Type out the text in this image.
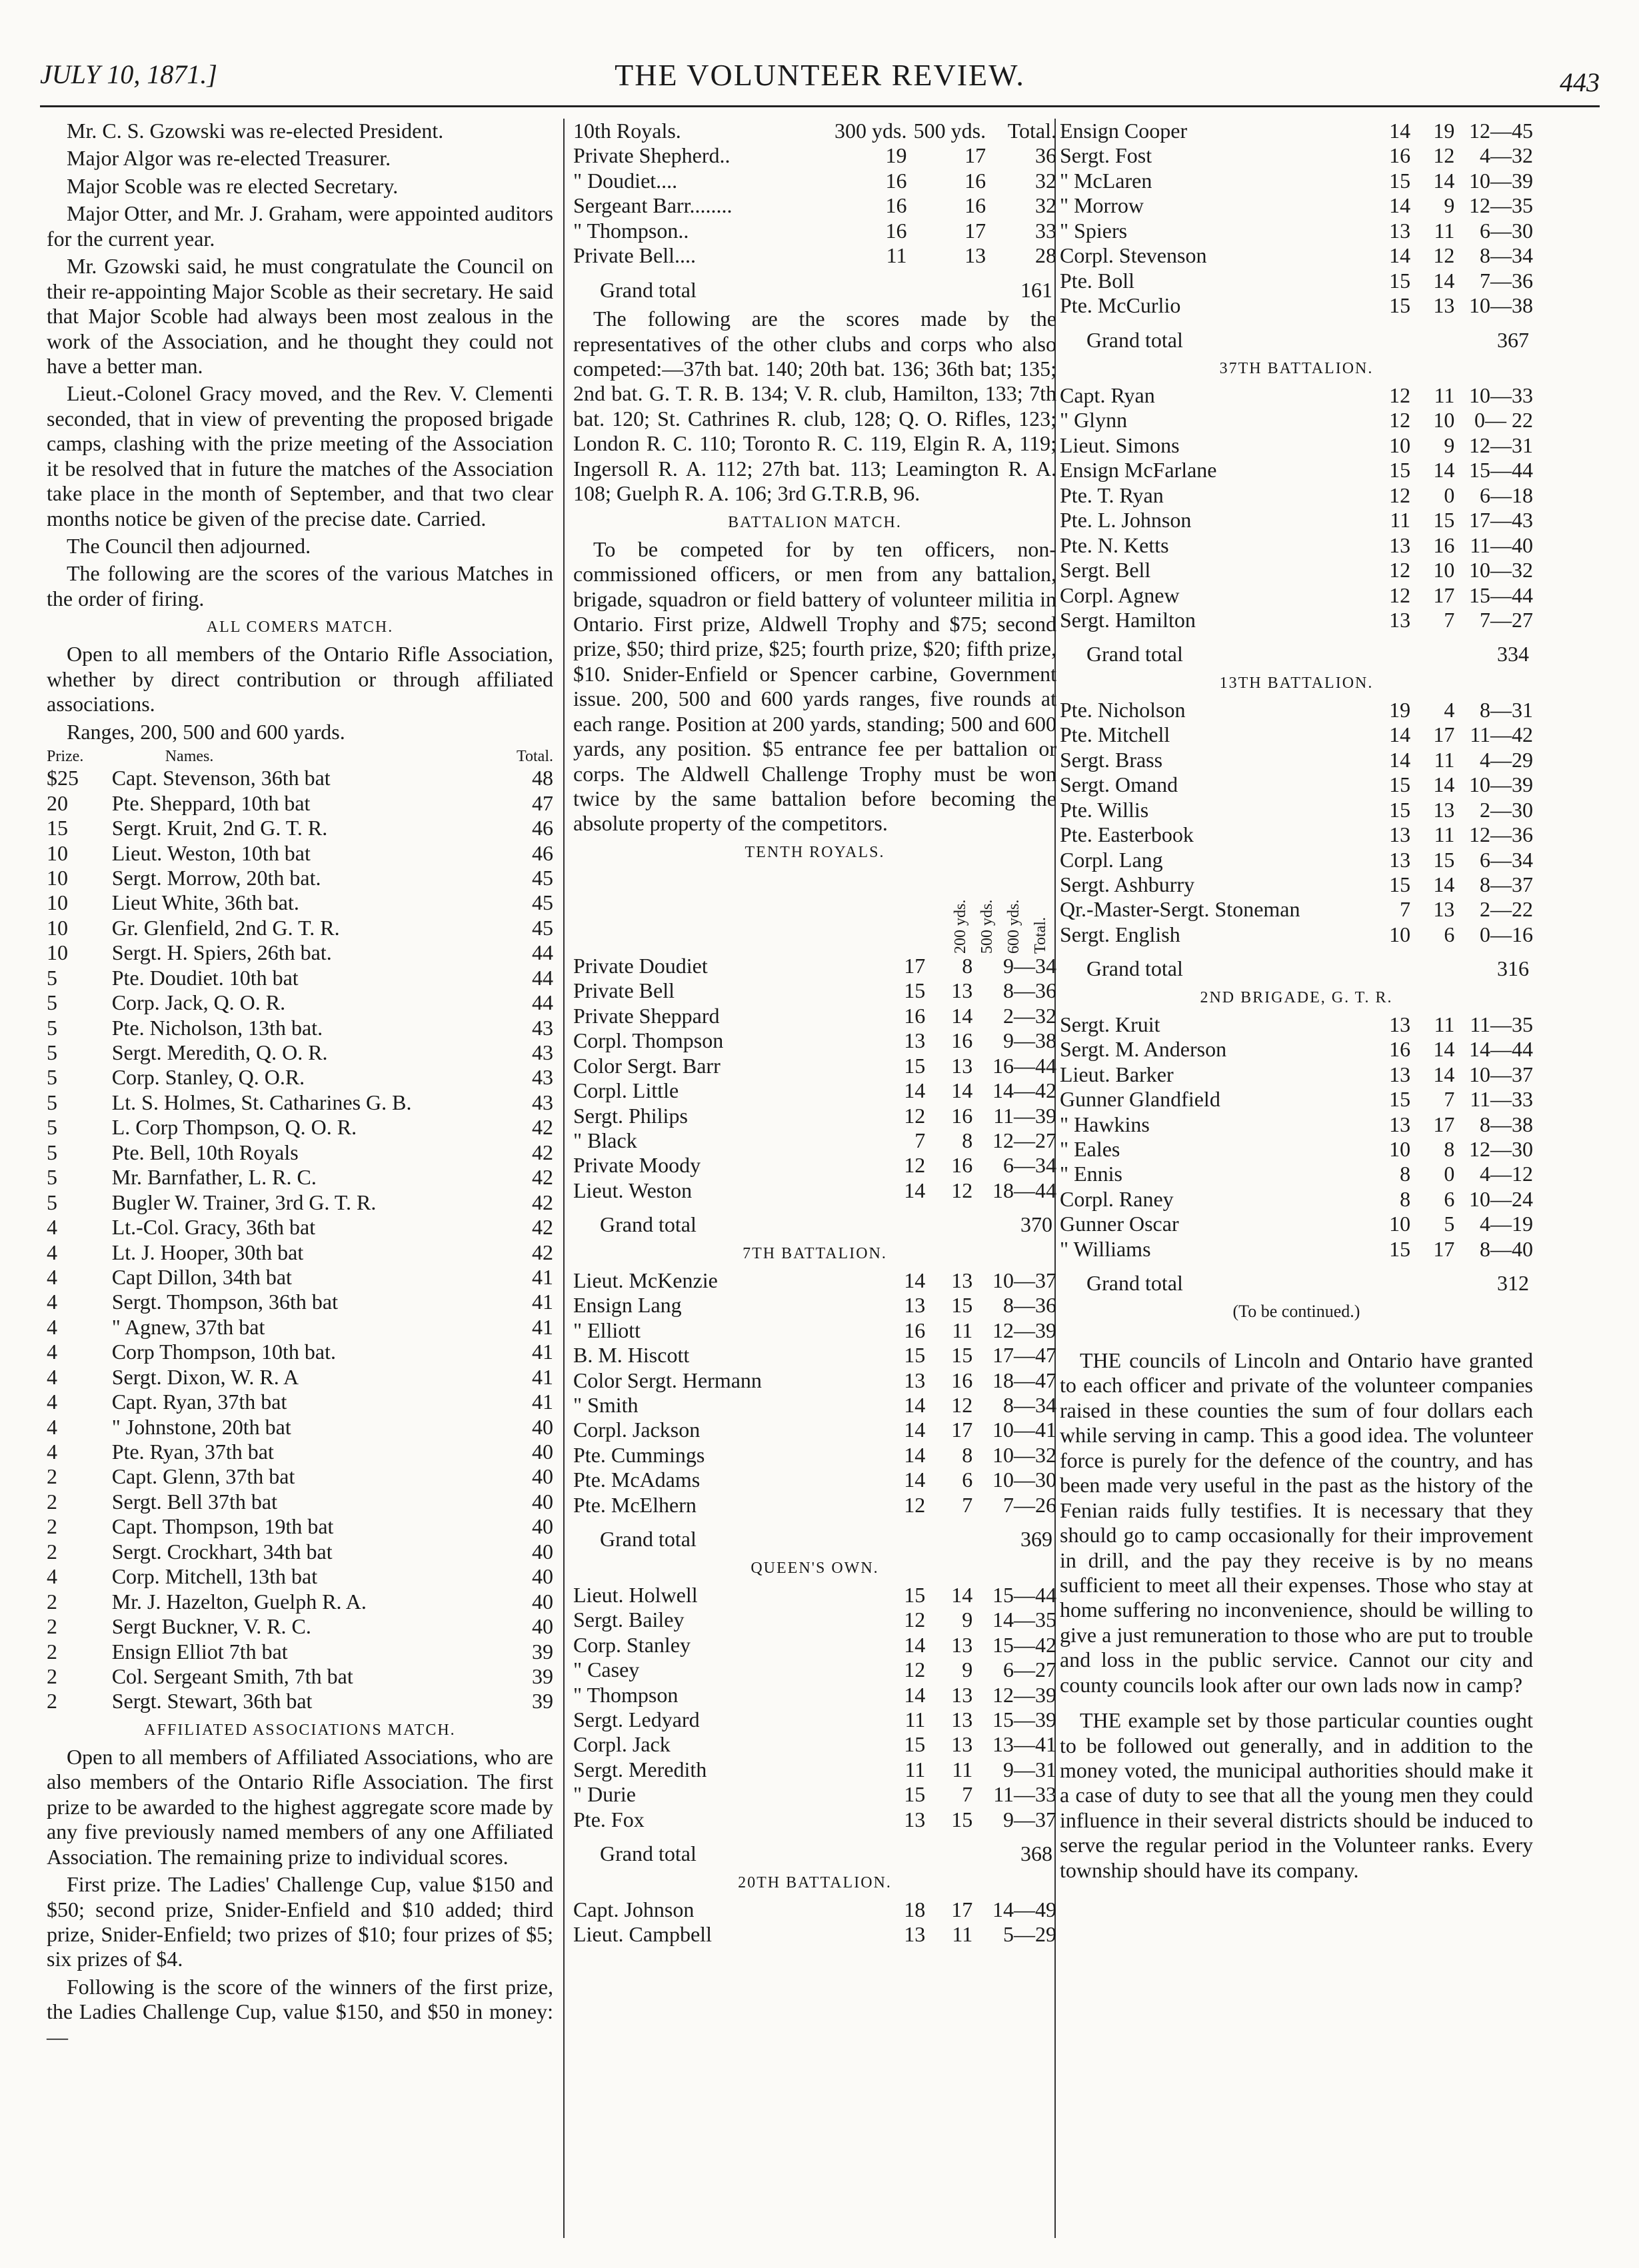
JULY 10, 1871.]	THE VOLUNTEER REVIEW.	443

Mr. C. S. Gzowski was re-elected President.

Major Algor was re-elected Treasurer.

Major Scoble was re elected Secretary.

Major Otter, and Mr. J. Graham, were appointed auditors for the current year.

Mr. Gzowski said, he must congratulate the Council on their re-appointing Major Scoble as their secretary. He said that Major Scoble had always been most zealous in the work of the Association, and he thought they could not have a better man.

Lieut.-Colonel Gracy moved, and the Rev. V. Clementi seconded, that in view of preventing the proposed brigade camps, clashing with the prize meeting of the Association it be resolved that in future the matches of the Association take place in the month of September, and that two clear months notice be given of the precise date. Carried.

The Council then adjourned.

The following are the scores of the various Matches in the order of firing.

ALL COMERS MATCH.

Open to all members of the Ontario Rifle Association, whether by direct contribution or through affiliated associations.

Ranges, 200, 500 and 600 yards.

Prize.	Names.	Total.
$25	Capt. Stevenson, 36th bat	48
20	Pte. Sheppard, 10th bat	47
15	Sergt. Kruit, 2nd G. T. R.	46
10	Lieut. Weston, 10th bat	46
10	Sergt. Morrow, 20th bat.	45
10	Lieut White, 36th bat.	45
10	Gr. Glenfield, 2nd G. T. R.	45
10	Sergt. H. Spiers, 26th bat.	44
5	Pte. Doudiet. 10th bat	44
5	Corp. Jack, Q. O. R.	44
5	Pte. Nicholson, 13th bat.	43
5	Sergt. Meredith, Q. O. R.	43
5	Corp. Stanley, Q. O.R.	43
5	Lt. S. Holmes, St. Catharines G. B.	43
5	L. Corp Thompson, Q. O. R.	42
5	Pte. Bell, 10th Royals	42
5	Mr. Barnfather, L. R. C.	42
5	Bugler W. Trainer, 3rd G. T. R.	42
4	Lt.-Col. Gracy, 36th bat	42
4	Lt. J. Hooper, 30th bat	42
4	Capt Dillon, 34th bat	41
4	Sergt. Thompson, 36th bat	41
4	" Agnew, 37th bat	41
4	Corp Thompson, 10th bat.	41
4	Sergt. Dixon, W. R. A	41
4	Capt. Ryan, 37th bat	41
4	" Johnstone, 20th bat	40
4	Pte. Ryan, 37th bat	40
2	Capt. Glenn, 37th bat	40
2	Sergt. Bell 37th bat	40
2	Capt. Thompson, 19th bat	40
2	Sergt. Crockhart, 34th bat	40
4	Corp. Mitchell, 13th bat	40
2	Mr. J. Hazelton, Guelph R. A.	40
2	Sergt Buckner, V. R. C.	40
2	Ensign Elliot 7th bat	39
2	Col. Sergeant Smith, 7th bat	39
2	Sergt. Stewart, 36th bat	39
AFFILIATED ASSOCIATIONS MATCH.

Open to all members of Affiliated Associations, who are also members of the Ontario Rifle Association. The first prize to be awarded to the highest aggregate score made by any five previously named members of any one Affiliated Association. The remaining prize to individual scores.

First prize. The Ladies' Challenge Cup, value $150 and $50; second prize, Snider-Enfield and $10 added; third prize, Snider-Enfield; two prizes of $10; four prizes of $5; six prizes of $4.

Following is the score of the winners of the first prize, the Ladies Challenge Cup, value $150, and $50 in money:—

10th Royals.	300 yds.	500 yds.	Total.
Private Shepherd..	19	17	36
" Doudiet....	16	16	32
Sergeant Barr........	16	16	32
" Thompson..	16	17	33
Private Bell....	11	13	28
Grand total	161

The following are the scores made by the representatives of the other clubs and corps who also competed:—37th bat. 140; 20th bat. 136; 36th bat; 135; 2nd bat. G. T. R. B. 134; V. R. club, Hamilton, 133; 7th bat. 120; St. Cathrines R. club, 128; Q. O. Rifles, 123; London R. C. 110; Toronto R. C. 119, Elgin R. A, 119; Ingersoll R. A. 112; 27th bat. 113; Leamington R. A. 108; Guelph R. A. 106; 3rd G.T.R.B, 96.

BATTALION MATCH.

To be competed for by ten officers, non-commissioned officers, or men from any battalion, brigade, squadron or field battery of volunteer militia in Ontario. First prize, Aldwell Trophy and $75; second prize, $50; third prize, $25; fourth prize, $20; fifth prize, $10. Snider-Enfield or Spencer carbine, Government issue. 200, 500 and 600 yards ranges, five rounds at each range. Position at 200 yards, standing; 500 and 600 yards, any position. $5 entrance fee per battalion or corps. The Aldwell Challenge Trophy must be won twice by the same battalion before becoming the absolute property of the competitors.

TENTH ROYALS.
200 yds. 500 yds. 600 yds. Total.
Private Doudiet	17	8	9—34
Private Bell	15	13	8—36
Private Sheppard	16	14	2—32
Corpl. Thompson	13	16	9—38
Color Sergt. Barr	15	13	16—44
Corpl. Little	14	14	14—42
Sergt. Philips	12	16	11—39
" Black	7	8	12—27
Private Moody	12	16	6—34
Lieut. Weston	14	12	18—44
Grand total	370
7TH BATTALION.
Lieut. McKenzie	14	13	10—37
Ensign Lang	13	15	8—36
" Elliott	16	11	12—39
B. M. Hiscott	15	15	17—47
Color Sergt. Hermann	13	16	18—47
" Smith	14	12	8—34
Corpl. Jackson	14	17	10—41
Pte. Cummings	14	8	10—32
Pte. McAdams	14	6	10—30
Pte. McElhern	12	7	7—26
Grand total	369
QUEEN'S OWN.
Lieut. Holwell	15	14	15—44
Sergt. Bailey	12	9	14—35
Corp. Stanley	14	13	15—42
" Casey	12	9	6—27
" Thompson	14	13	12—39
Sergt. Ledyard	11	13	15—39
Corpl. Jack	15	13	13—41
Sergt. Meredith	11	11	9—31
" Durie	15	7	11—33
Pte. Fox	13	15	9—37
Grand total	368
20TH BATTALION.
Capt. Johnson	18	17	14—49
Lieut. Campbell	13	11	5—29
Ensign Cooper	14	19	12—45
Sergt. Fost	16	12	4—32
" McLaren	15	14	10—39
" Morrow	14	9	12—35
" Spiers	13	11	6—30
Corpl. Stevenson	14	12	8—34
Pte. Boll	15	14	7—36
Pte. McCurlio	15	13	10—38
Grand total	367
37TH BATTALION.
Capt. Ryan	12	11	10—33
" Glynn	12	10	0— 22
Lieut. Simons	10	9	12—31
Ensign McFarlane	15	14	15—44
Pte. T. Ryan	12	0	6—18
Pte. L. Johnson	11	15	17—43
Pte. N. Ketts	13	16	11—40
Sergt. Bell	12	10	10—32
Corpl. Agnew	12	17	15—44
Sergt. Hamilton	13	7	7—27
Grand total	334
13TH BATTALION.
Pte. Nicholson	19	4	8—31
Pte. Mitchell	14	17	11—42
Sergt. Brass	14	11	4—29
Sergt. Omand	15	14	10—39
Pte. Willis	15	13	2—30
Pte. Easterbook	13	11	12—36
Corpl. Lang	13	15	6—34
Sergt. Ashburry	15	14	8—37
Qr.-Master-Sergt. Stoneman	7	13	2—22
Sergt. English	10	6	0—16
Grand total	316
2ND BRIGADE, G. T. R.
Sergt. Kruit	13	11	11—35
Sergt. M. Anderson	16	14	14—44
Lieut. Barker	13	14	10—37
Gunner Glandfield	15	7	11—33
" Hawkins	13	17	8—38
" Eales	10	8	12—30
" Ennis	8	0	4—12
Corpl. Raney	8	6	10—24
Gunner Oscar	10	5	4—19
" Williams	15	17	8—40
Grand total	312
(To be continued.)

THE councils of Lincoln and Ontario have granted to each officer and private of the volunteer companies raised in these counties the sum of four dollars each while serving in camp. This a good idea. The volunteer force is purely for the defence of the country, and has been made very useful in the past as the history of the Fenian raids fully testifies. It is necessary that they should go to camp occasionally for their improvement in drill, and the pay they receive is by no means sufficient to meet all their expenses. Those who stay at home suffering no inconvenience, should be willing to give a just remuneration to those who are put to trouble and loss in the public service. Cannot our city and county councils look after our own lads now in camp?

THE example set by those particular counties ought to be followed out generally, and in addition to the money voted, the municipal authorities should make it a case of duty to see that all the young men they could influence in their several districts should be induced to serve the regular period in the Volunteer ranks. Every township should have its company.
